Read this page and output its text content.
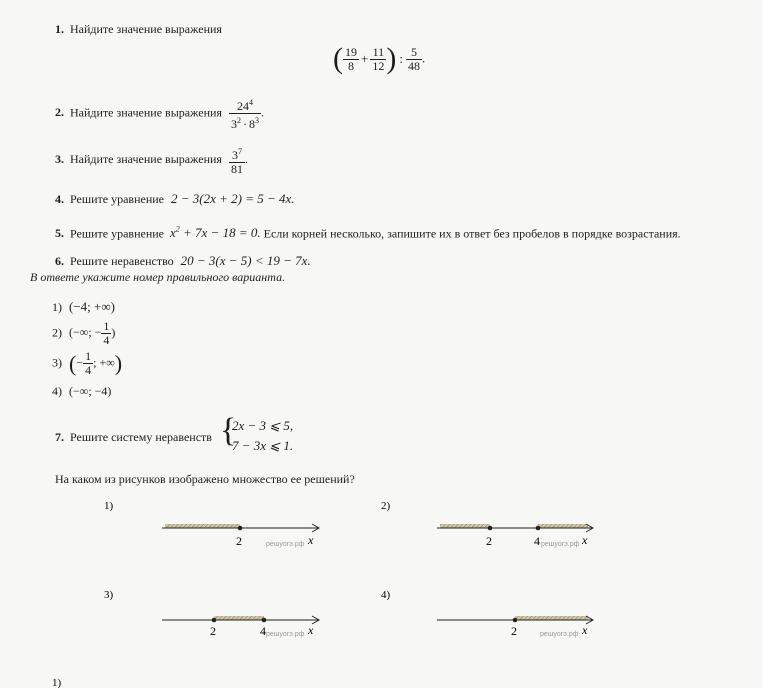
1. Найдите значение выражения
( $\frac{19}{8} + \frac{11}{12}$ ) : $\frac{5}{48}$ .
2. Найдите значение выражения $\frac{24^4}{3^2 \cdot 8^3}$ .
3. Найдите значение выражения $\frac{3^7}{81}$ .
4. Решите уравнение 2 − 3(2x + 2) = 5 − 4x.
5. Решите уравнение $x^2 + 7x - 18 = 0$. Если корней несколько, запишите их в ответ без пробелов в порядке возрастания.
6. Решите неравенство 20 − 3(x − 5) < 19 − 7x.
В ответе укажите номер правильного варианта.
1) (−4; +∞)
2) (−∞; − $\frac{1}{4}$ )
3) (− $\frac{1}{4}$ ; +∞)
4) (−∞; −4)
7. Решите систему неравенств {
2x − 3 ⩽ 5,
7 − 3x ⩽ 1.
На каком из рисунков изображено множество ее решений?
1)
2	решуогэ.рф x
2)
2	4 решуогэ.рф x
3)
2	4 решуогэ.рф x
4)
2	решуогэ.рф x
1)
